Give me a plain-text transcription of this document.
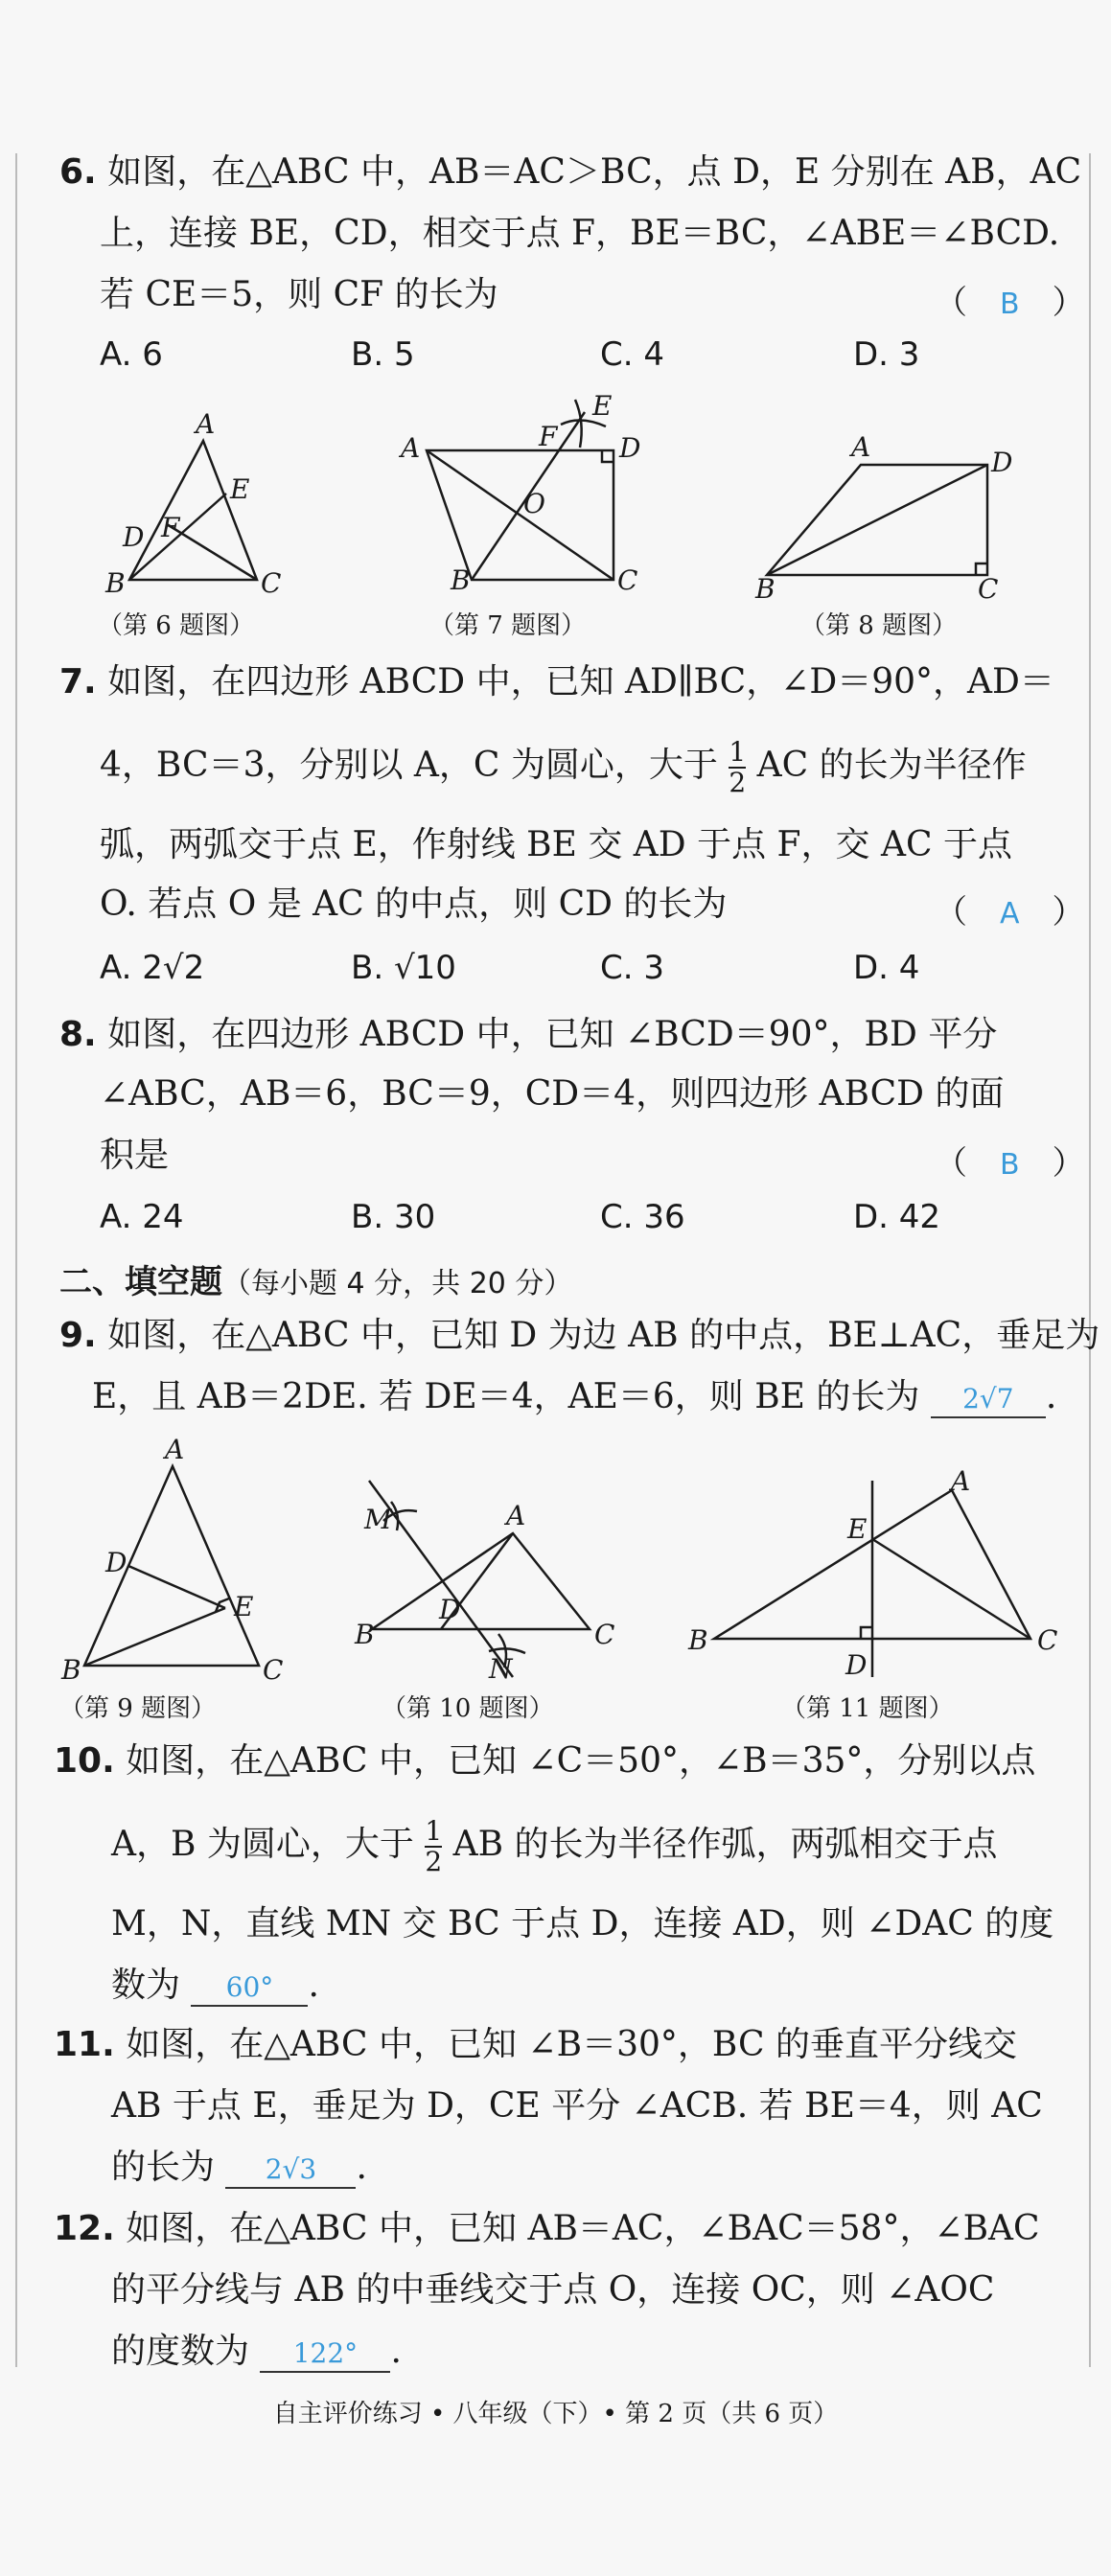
6. 如图，在△ABC 中，AB＝AC＞BC，点 D，E 分别在 AB，AC
上，连接 BE，CD，相交于点 F，BE＝BC，∠ABE＝∠BCD.
若 CE＝5，则 CF 的长为	（　B　）
A. 6	B. 5	C. 4	D. 3
A
E
D F
B	C
（第 6 题图）
E
A	F D
O
B	C
（第 7 题图）
A	D
B	C
（第 8 题图）
7. 如图，在四边形 ABCD 中，已知 AD∥BC，∠D＝90°，AD＝
4，BC＝3，分别以 A，C 为圆心，大于 $\frac{1}{2}$ AC 的长为半径作
弧，两弧交于点 E，作射线 BE 交 AD 于点 F，交 AC 于点
O. 若点 O 是 AC 的中点，则 CD 的长为	（　A　）
A. 2√2	B. √10	C. 3	D. 4
8. 如图，在四边形 ABCD 中，已知 ∠BCD＝90°，BD 平分
∠ABC，AB＝6，BC＝9，CD＝4，则四边形 ABCD 的面
积是	（　B　）
A. 24	B. 30	C. 36	D. 42
二、填空题（每小题 4 分，共 20 分）
9. 如图，在△ABC 中，已知 D 为边 AB 的中点，BE⊥AC，垂足为
E，且 AB＝2DE. 若 DE＝4，AE＝6，则 BE 的长为 2√7 .
A
D
E
B	C
（第 9 题图）
M	A
D
B
N
C
（第 10 题图）
A
E
B
D
C
（第 11 题图）
10. 如图，在△ABC 中，已知 ∠C＝50°，∠B＝35°，分别以点
A，B 为圆心，大于 $\frac{1}{2}$ AB 的长为半径作弧，两弧相交于点
M，N，直线 MN 交 BC 于点 D，连接 AD，则 ∠DAC 的度
数为 60° .
11. 如图，在△ABC 中，已知 ∠B＝30°，BC 的垂直平分线交
AB 于点 E，垂足为 D，CE 平分 ∠ACB. 若 BE＝4，则 AC
的长为 2√3 .
12. 如图，在△ABC 中，已知 AB＝AC，∠BAC＝58°，∠BAC
的平分线与 AB 的中垂线交于点 O，连接 OC，则 ∠AOC
的度数为 122° .
自主评价练习 • 八年级（下）• 第 2 页（共 6 页）
